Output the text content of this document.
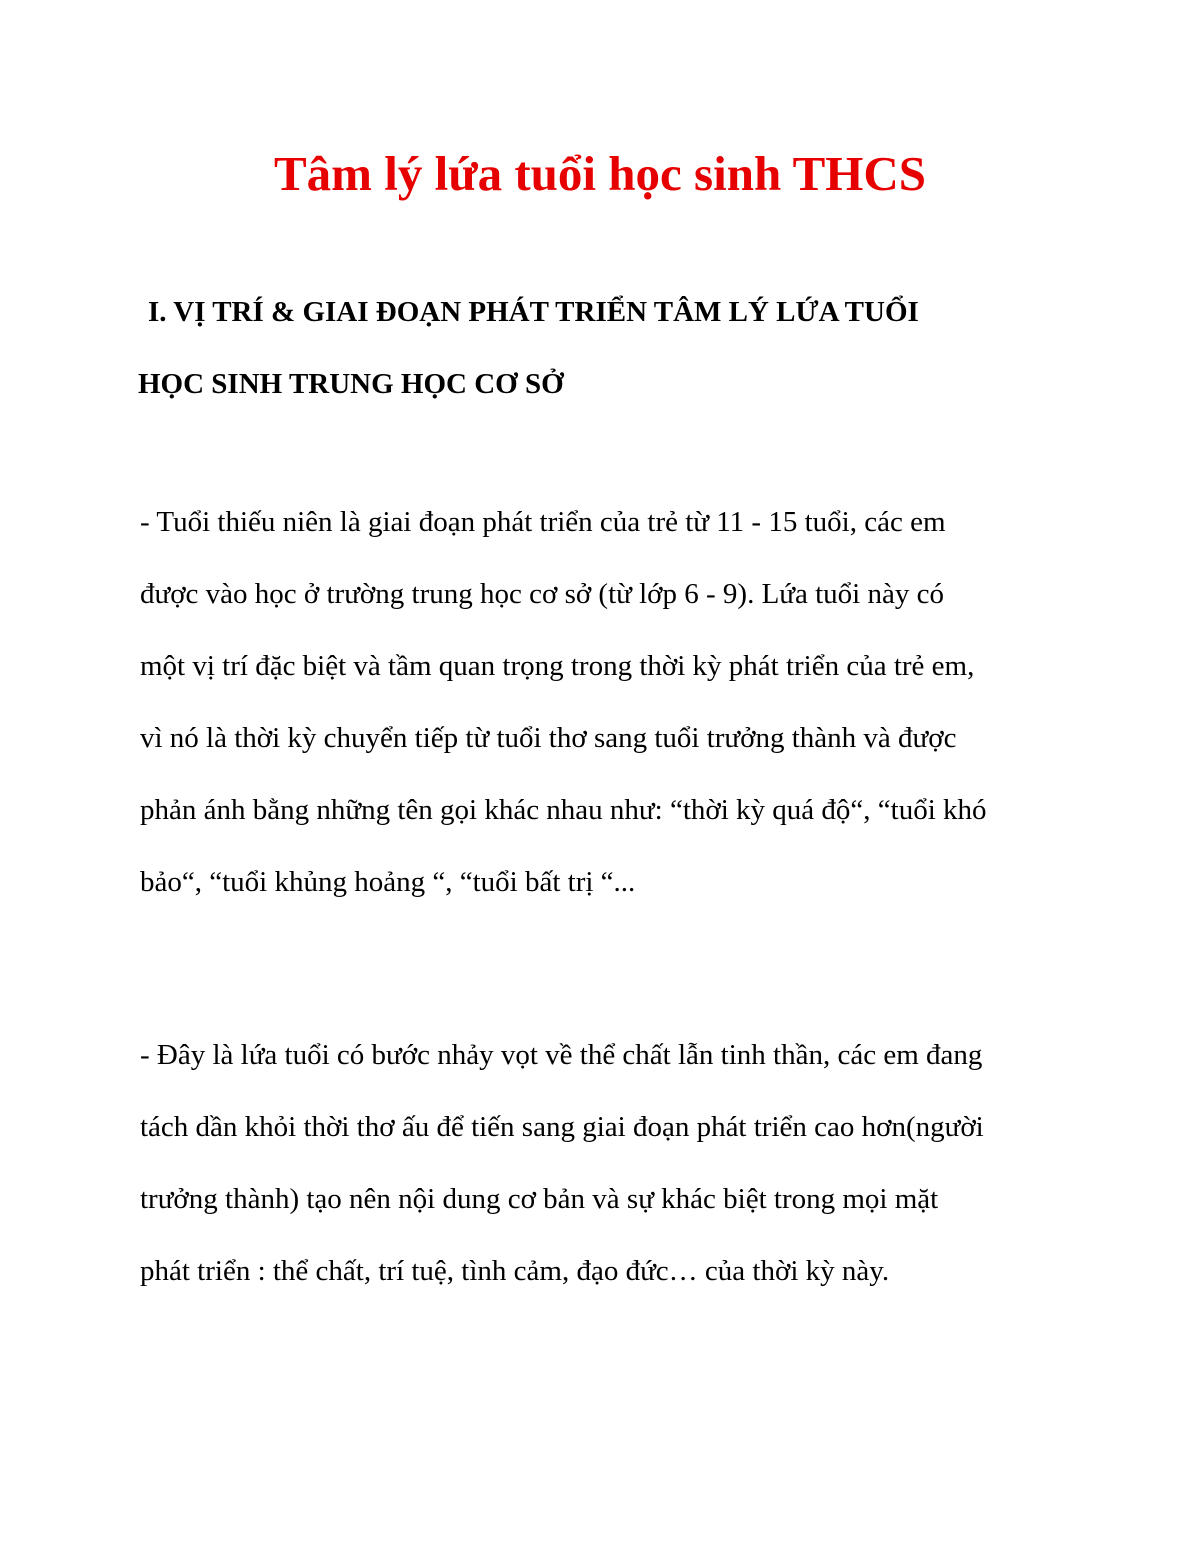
Tâm lý lứa tuổi học sinh THCS
I. VỊ TRÍ & GIAI ĐOẠN PHÁT TRIỂN TÂM LÝ LỨA TUỔI
HỌC SINH TRUNG HỌC CƠ SỞ

- Tuổi thiếu niên là giai đoạn phát triển của trẻ từ 11 - 15 tuổi, các em
được vào học ở trường trung học cơ sở (từ lớp 6 - 9). Lứa tuổi này có
một vị trí đặc biệt và tầm quan trọng trong thời kỳ phát triển của trẻ em,
vì nó là thời kỳ chuyển tiếp từ tuổi thơ sang tuổi trưởng thành và được
phản ánh bằng những tên gọi khác nhau như: “thời kỳ quá độ“, “tuổi khó
bảo“, “tuổi khủng hoảng “, “tuổi bất trị “...

- Đây là lứa tuổi có bước nhảy vọt về thể chất lẫn tinh thần, các em đang
tách dần khỏi thời thơ ấu để tiến sang giai đoạn phát triển cao hơn(người
trưởng thành) tạo nên nội dung cơ bản và sự khác biệt trong mọi mặt
phát triển : thể chất, trí tuệ, tình cảm, đạo đức… của thời kỳ này.
